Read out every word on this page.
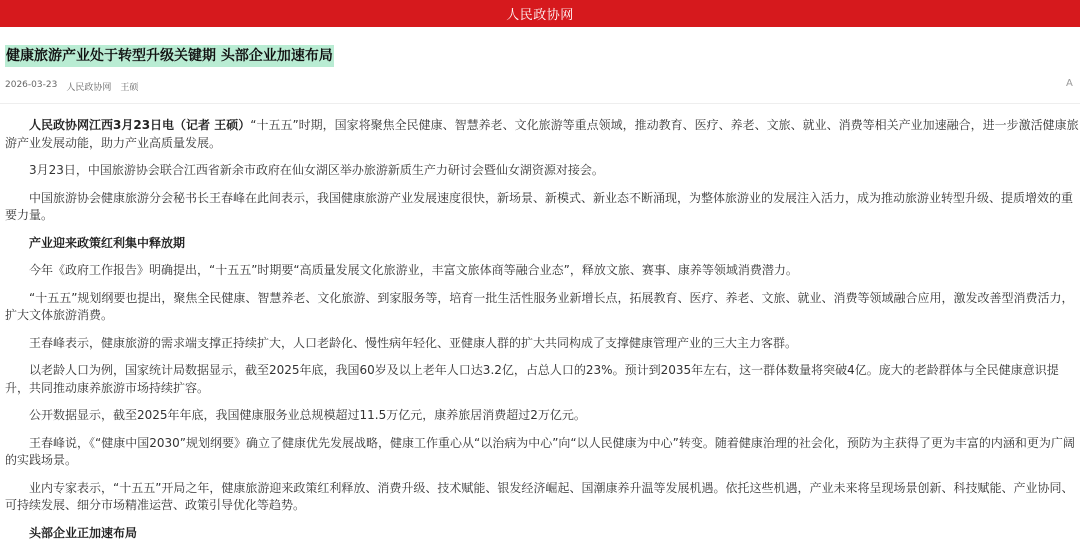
人民政协网
健康旅游产业处于转型升级关键期 头部企业加速布局
2026-03-23 人民政协网 王硕	A

人民政协网江西3月23日电（记者 王硕）“十五五”时期，国家将聚焦全民健康、智慧养老、文化旅游等重点领域，推动教育、医疗、养老、文旅、就业、消费等相关产业加速融合，进一步激活健康旅游产业发展动能，助力产业高质量发展。

3月23日，中国旅游协会联合江西省新余市政府在仙女湖区举办旅游新质生产力研讨会暨仙女湖资源对接会。

中国旅游协会健康旅游分会秘书长王春峰在此间表示，我国健康旅游产业发展速度很快，新场景、新模式、新业态不断涌现，为整体旅游业的发展注入活力，成为推动旅游业转型升级、提质增效的重要力量。

产业迎来政策红利集中释放期

今年《政府工作报告》明确提出，“十五五”时期要“高质量发展文化旅游业，丰富文旅体商等融合业态”，释放文旅、赛事、康养等领域消费潜力。

“十五五”规划纲要也提出，聚焦全民健康、智慧养老、文化旅游、到家服务等，培育一批生活性服务业新增长点，拓展教育、医疗、养老、文旅、就业、消费等领域融合应用，激发改善型消费活力，扩大文体旅游消费。

王春峰表示，健康旅游的需求端支撑正持续扩大，人口老龄化、慢性病年轻化、亚健康人群的扩大共同构成了支撑健康管理产业的三大主力客群。

以老龄人口为例，国家统计局数据显示，截至2025年底，我国60岁及以上老年人口达3.2亿，占总人口的23%。预计到2035年左右，这一群体数量将突破4亿。庞大的老龄群体与全民健康意识提升，共同推动康养旅游市场持续扩容。

公开数据显示，截至2025年年底，我国健康服务业总规模超过11.5万亿元，康养旅居消费超过2万亿元。

王春峰说，《“健康中国2030”规划纲要》确立了健康优先发展战略，健康工作重心从“以治病为中心”向“以人民健康为中心”转变。随着健康治理的社会化，预防为主获得了更为丰富的内涵和更为广阔的实践场景。

业内专家表示，“十五五”开局之年，健康旅游迎来政策红利释放、消费升级、技术赋能、银发经济崛起、国潮康养升温等发展机遇。依托这些机遇，产业未来将呈现场景创新、科技赋能、产业协同、可持续发展、细分市场精准运营、政策引导优化等趋势。

头部企业正加速布局
